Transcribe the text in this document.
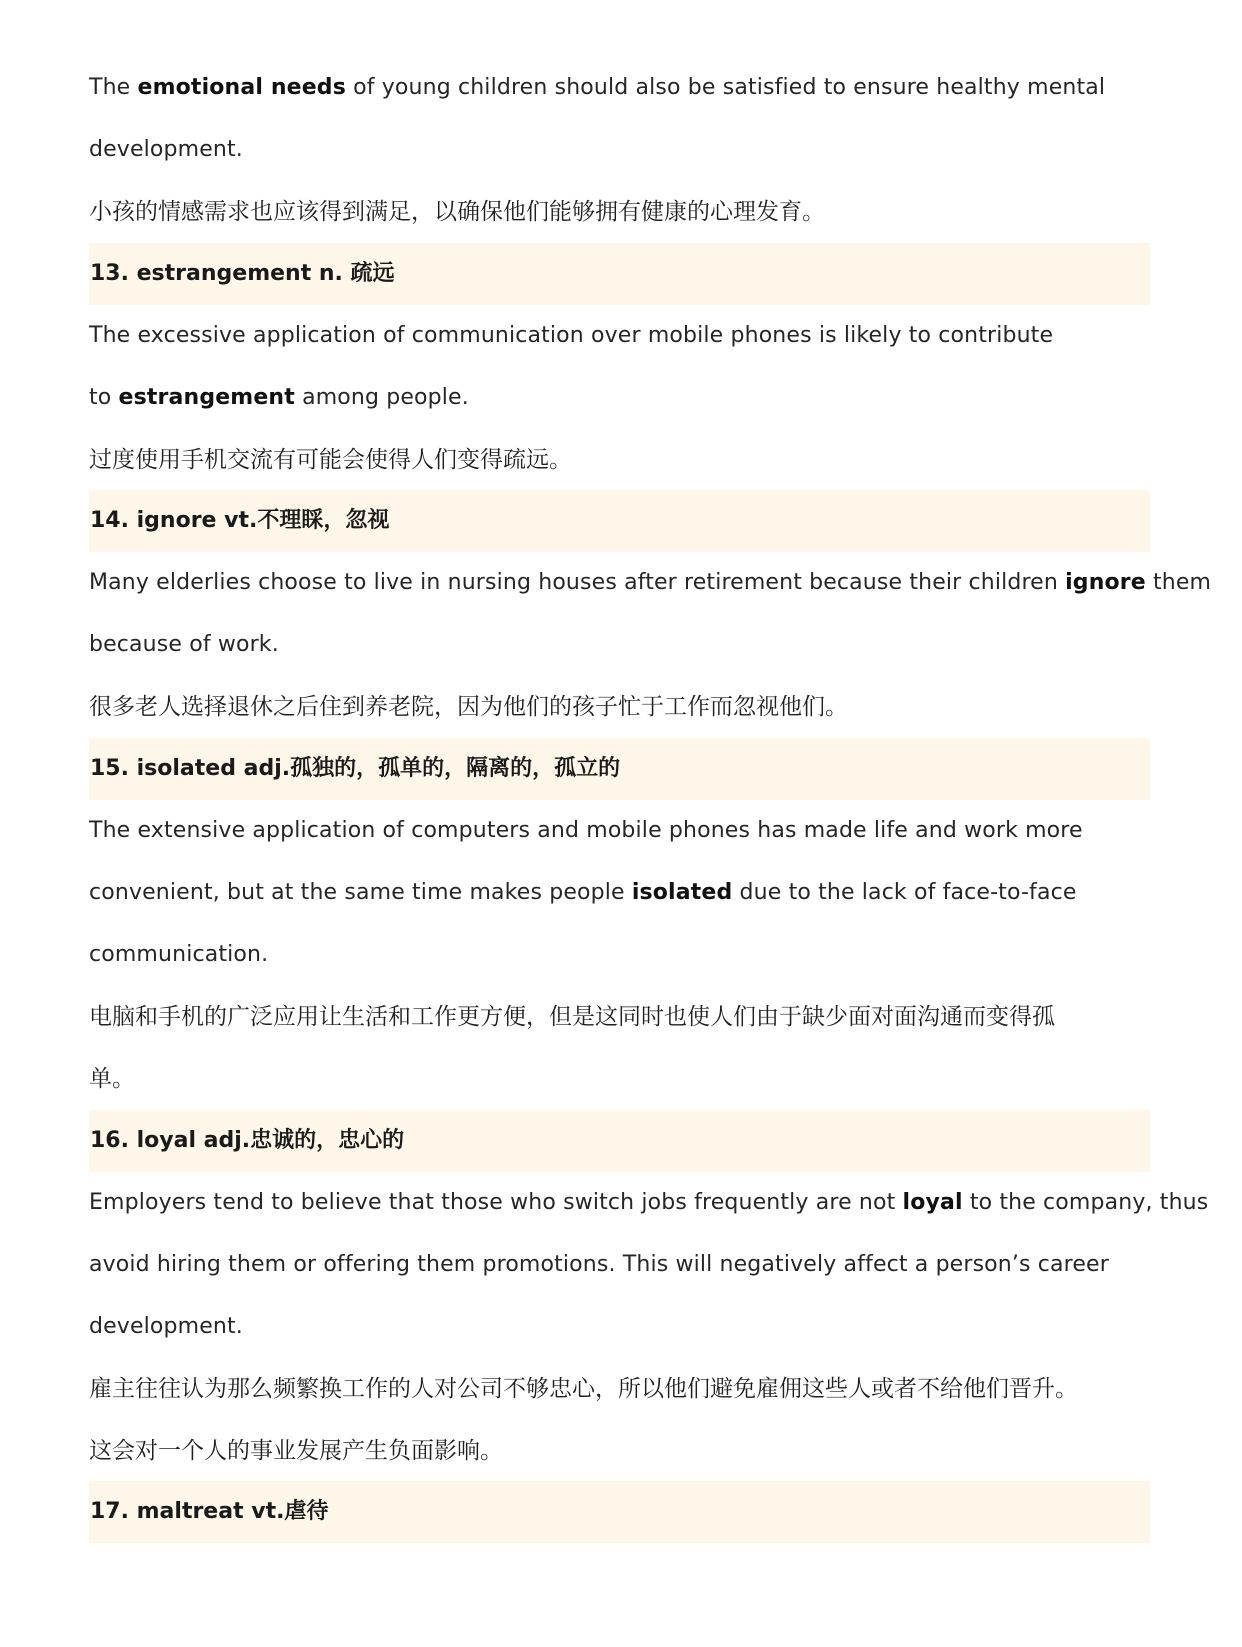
The emotional needs of young children should also be satisfied to ensure healthy mental
development.
小孩的情感需求也应该得到满足，以确保他们能够拥有健康的心理发育。
13. estrangement n. 疏远
The excessive application of communication over mobile phones is likely to contribute
to estrangement among people.
过度使用手机交流有可能会使得人们变得疏远。
14. ignore vt.不理睬，忽视
Many elderlies choose to live in nursing houses after retirement because their children ignore them
because of work.
很多老人选择退休之后住到养老院，因为他们的孩子忙于工作而忽视他们。
15. isolated adj.孤独的，孤单的，隔离的，孤立的
The extensive application of computers and mobile phones has made life and work more
convenient, but at the same time makes people isolated due to the lack of face-to-face
communication.
电脑和手机的广泛应用让生活和工作更方便，但是这同时也使人们由于缺少面对面沟通而变得孤
单。
16. loyal adj.忠诚的，忠心的
Employers tend to believe that those who switch jobs frequently are not loyal to the company, thus
avoid hiring them or offering them promotions. This will negatively affect a person’s career
development.
雇主往往认为那么频繁换工作的人对公司不够忠心，所以他们避免雇佣这些人或者不给他们晋升。
这会对一个人的事业发展产生负面影响。
17. maltreat vt.虐待
